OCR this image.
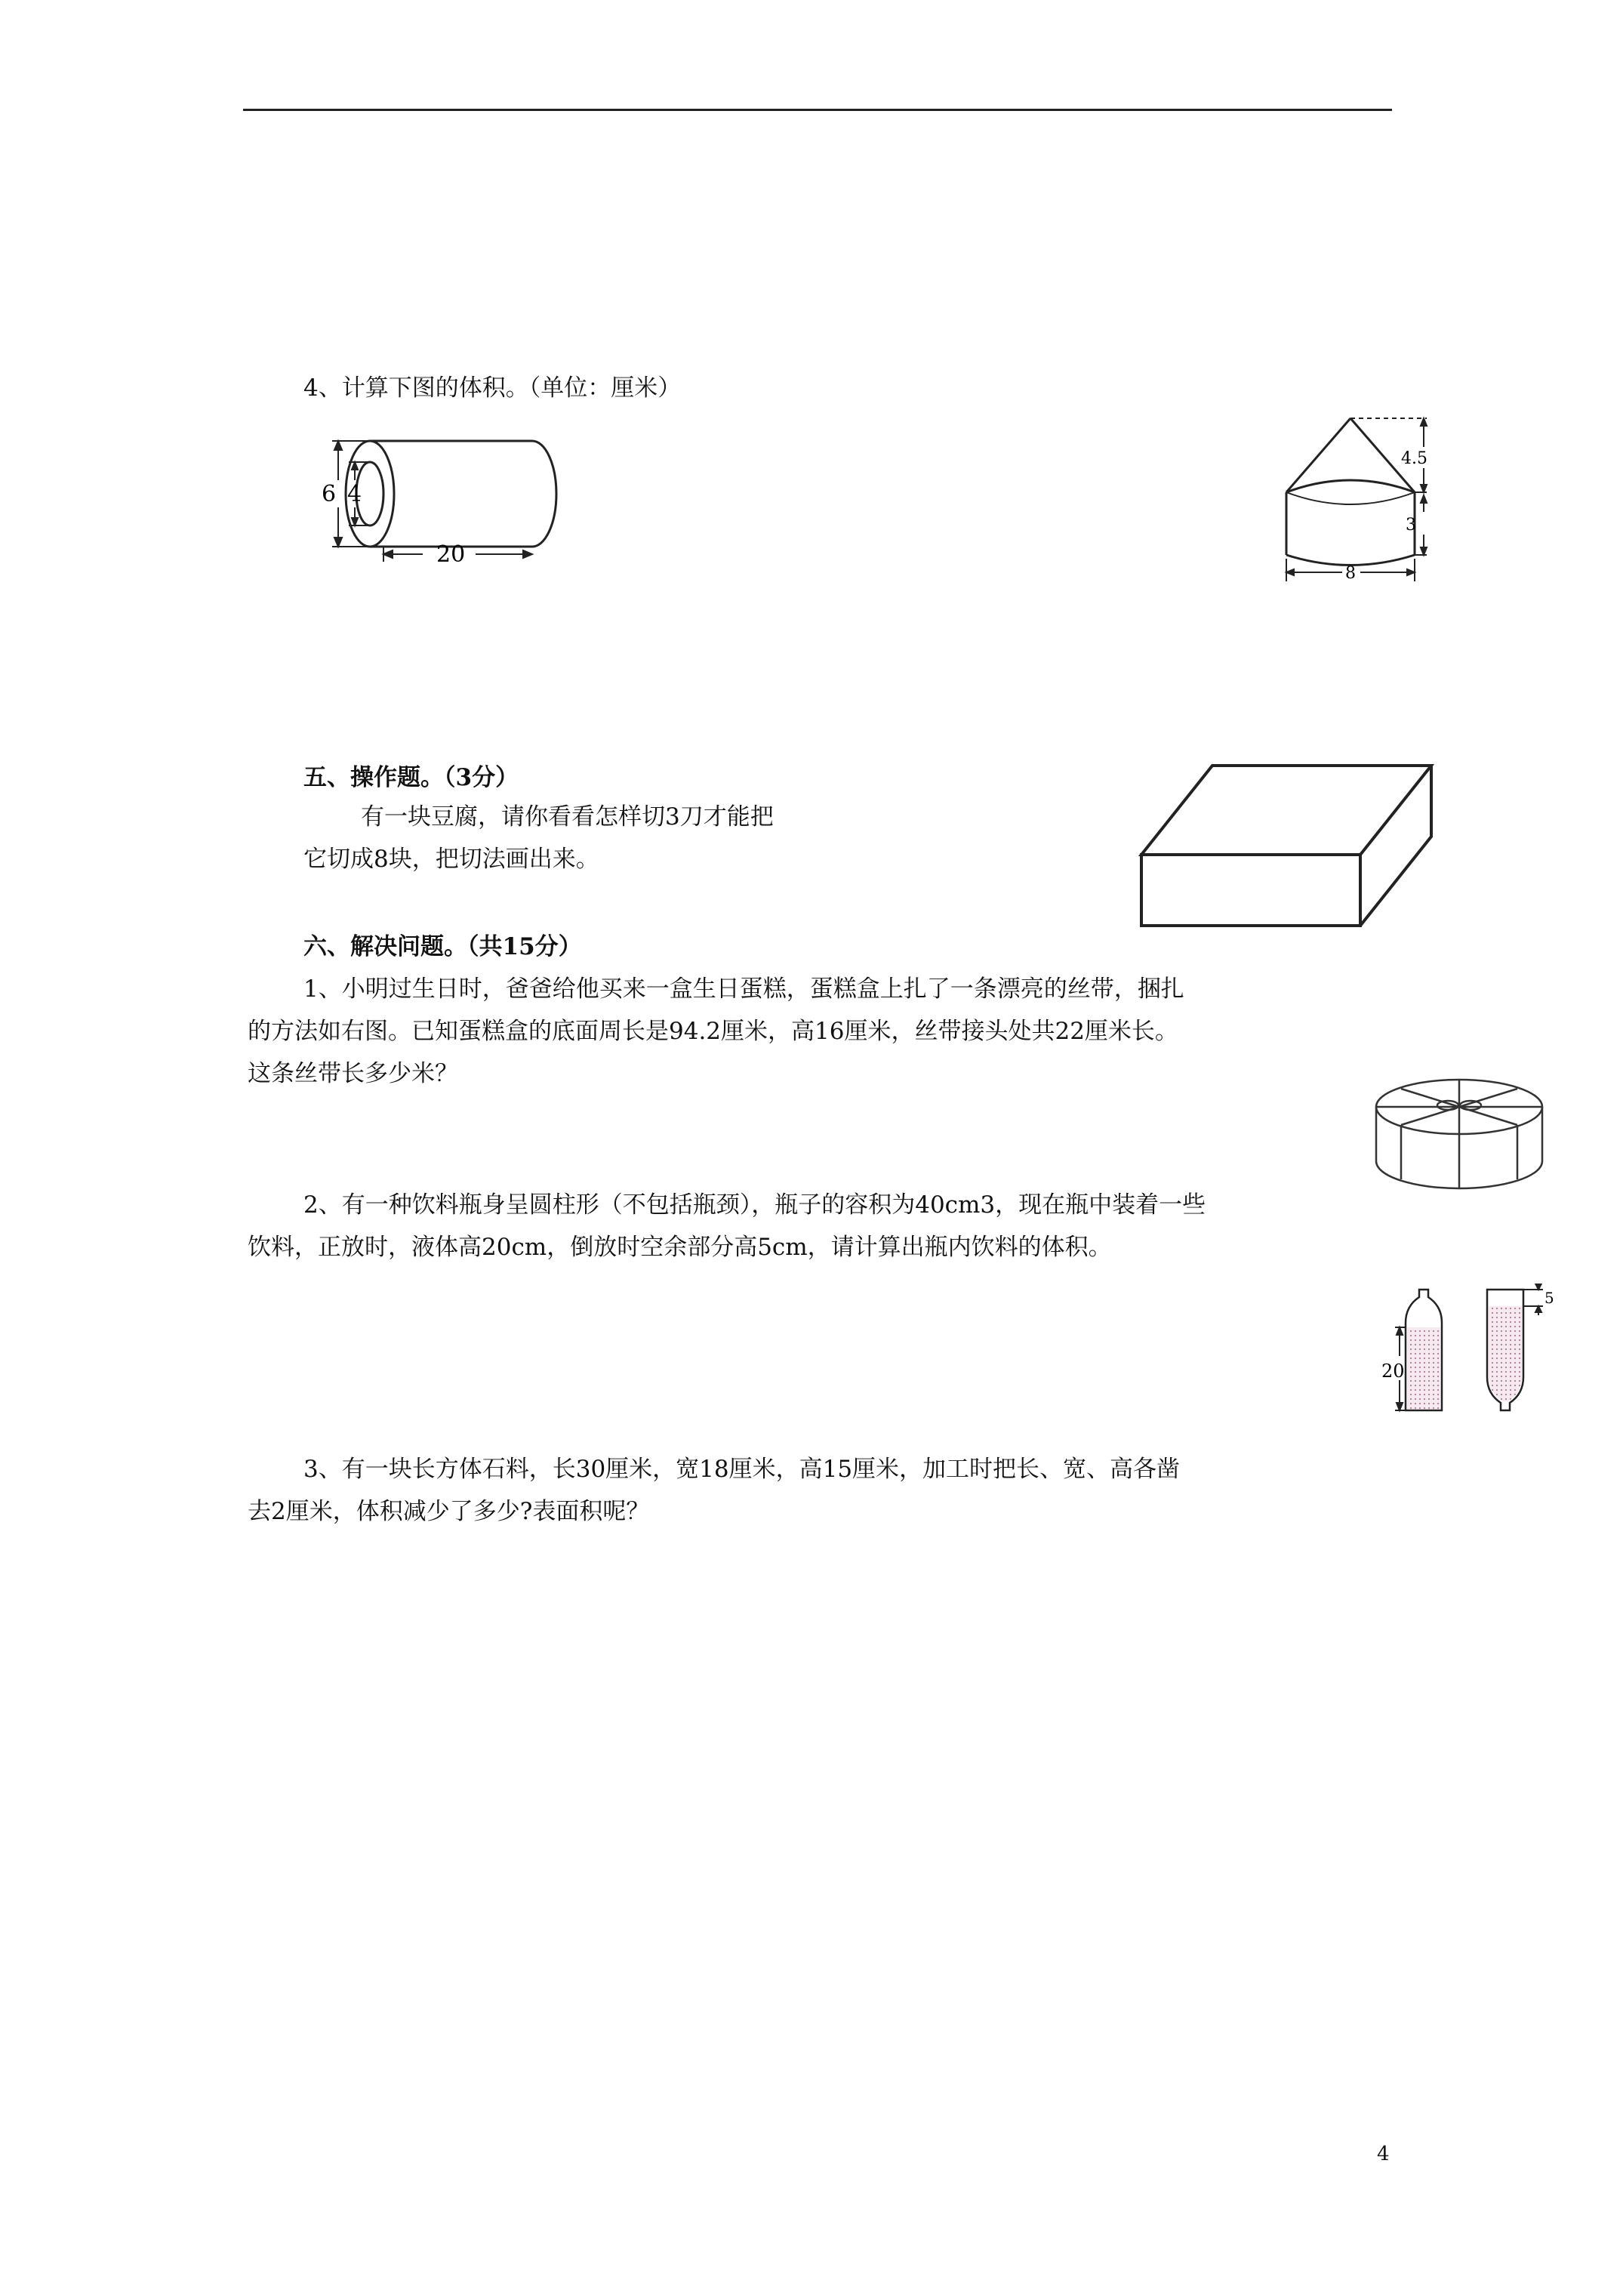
4、计算下图的体积。（单位：厘米）
6 4
20
4.5
3
8
五、操作题。（3分）
有一块豆腐，请你看看怎样切3刀才能把
它切成8块，把切法画出来。
六、解决问题。（共15分）
1、小明过生日时，爸爸给他买来一盒生日蛋糕，蛋糕盒上扎了一条漂亮的丝带，捆扎
的方法如右图。已知蛋糕盒的底面周长是94.2厘米，高16厘米，丝带接头处共22厘米长。
这条丝带长多少米？
2、有一种饮料瓶身呈圆柱形（不包括瓶颈），瓶子的容积为40cm3，现在瓶中装着一些
饮料，正放时，液体高20cm，倒放时空余部分高5cm，请计算出瓶内饮料的体积。
20
5
3、有一块长方体石料，长30厘米，宽18厘米，高15厘米，加工时把长、宽、高各凿
去2厘米，体积减少了多少?表面积呢？
4
